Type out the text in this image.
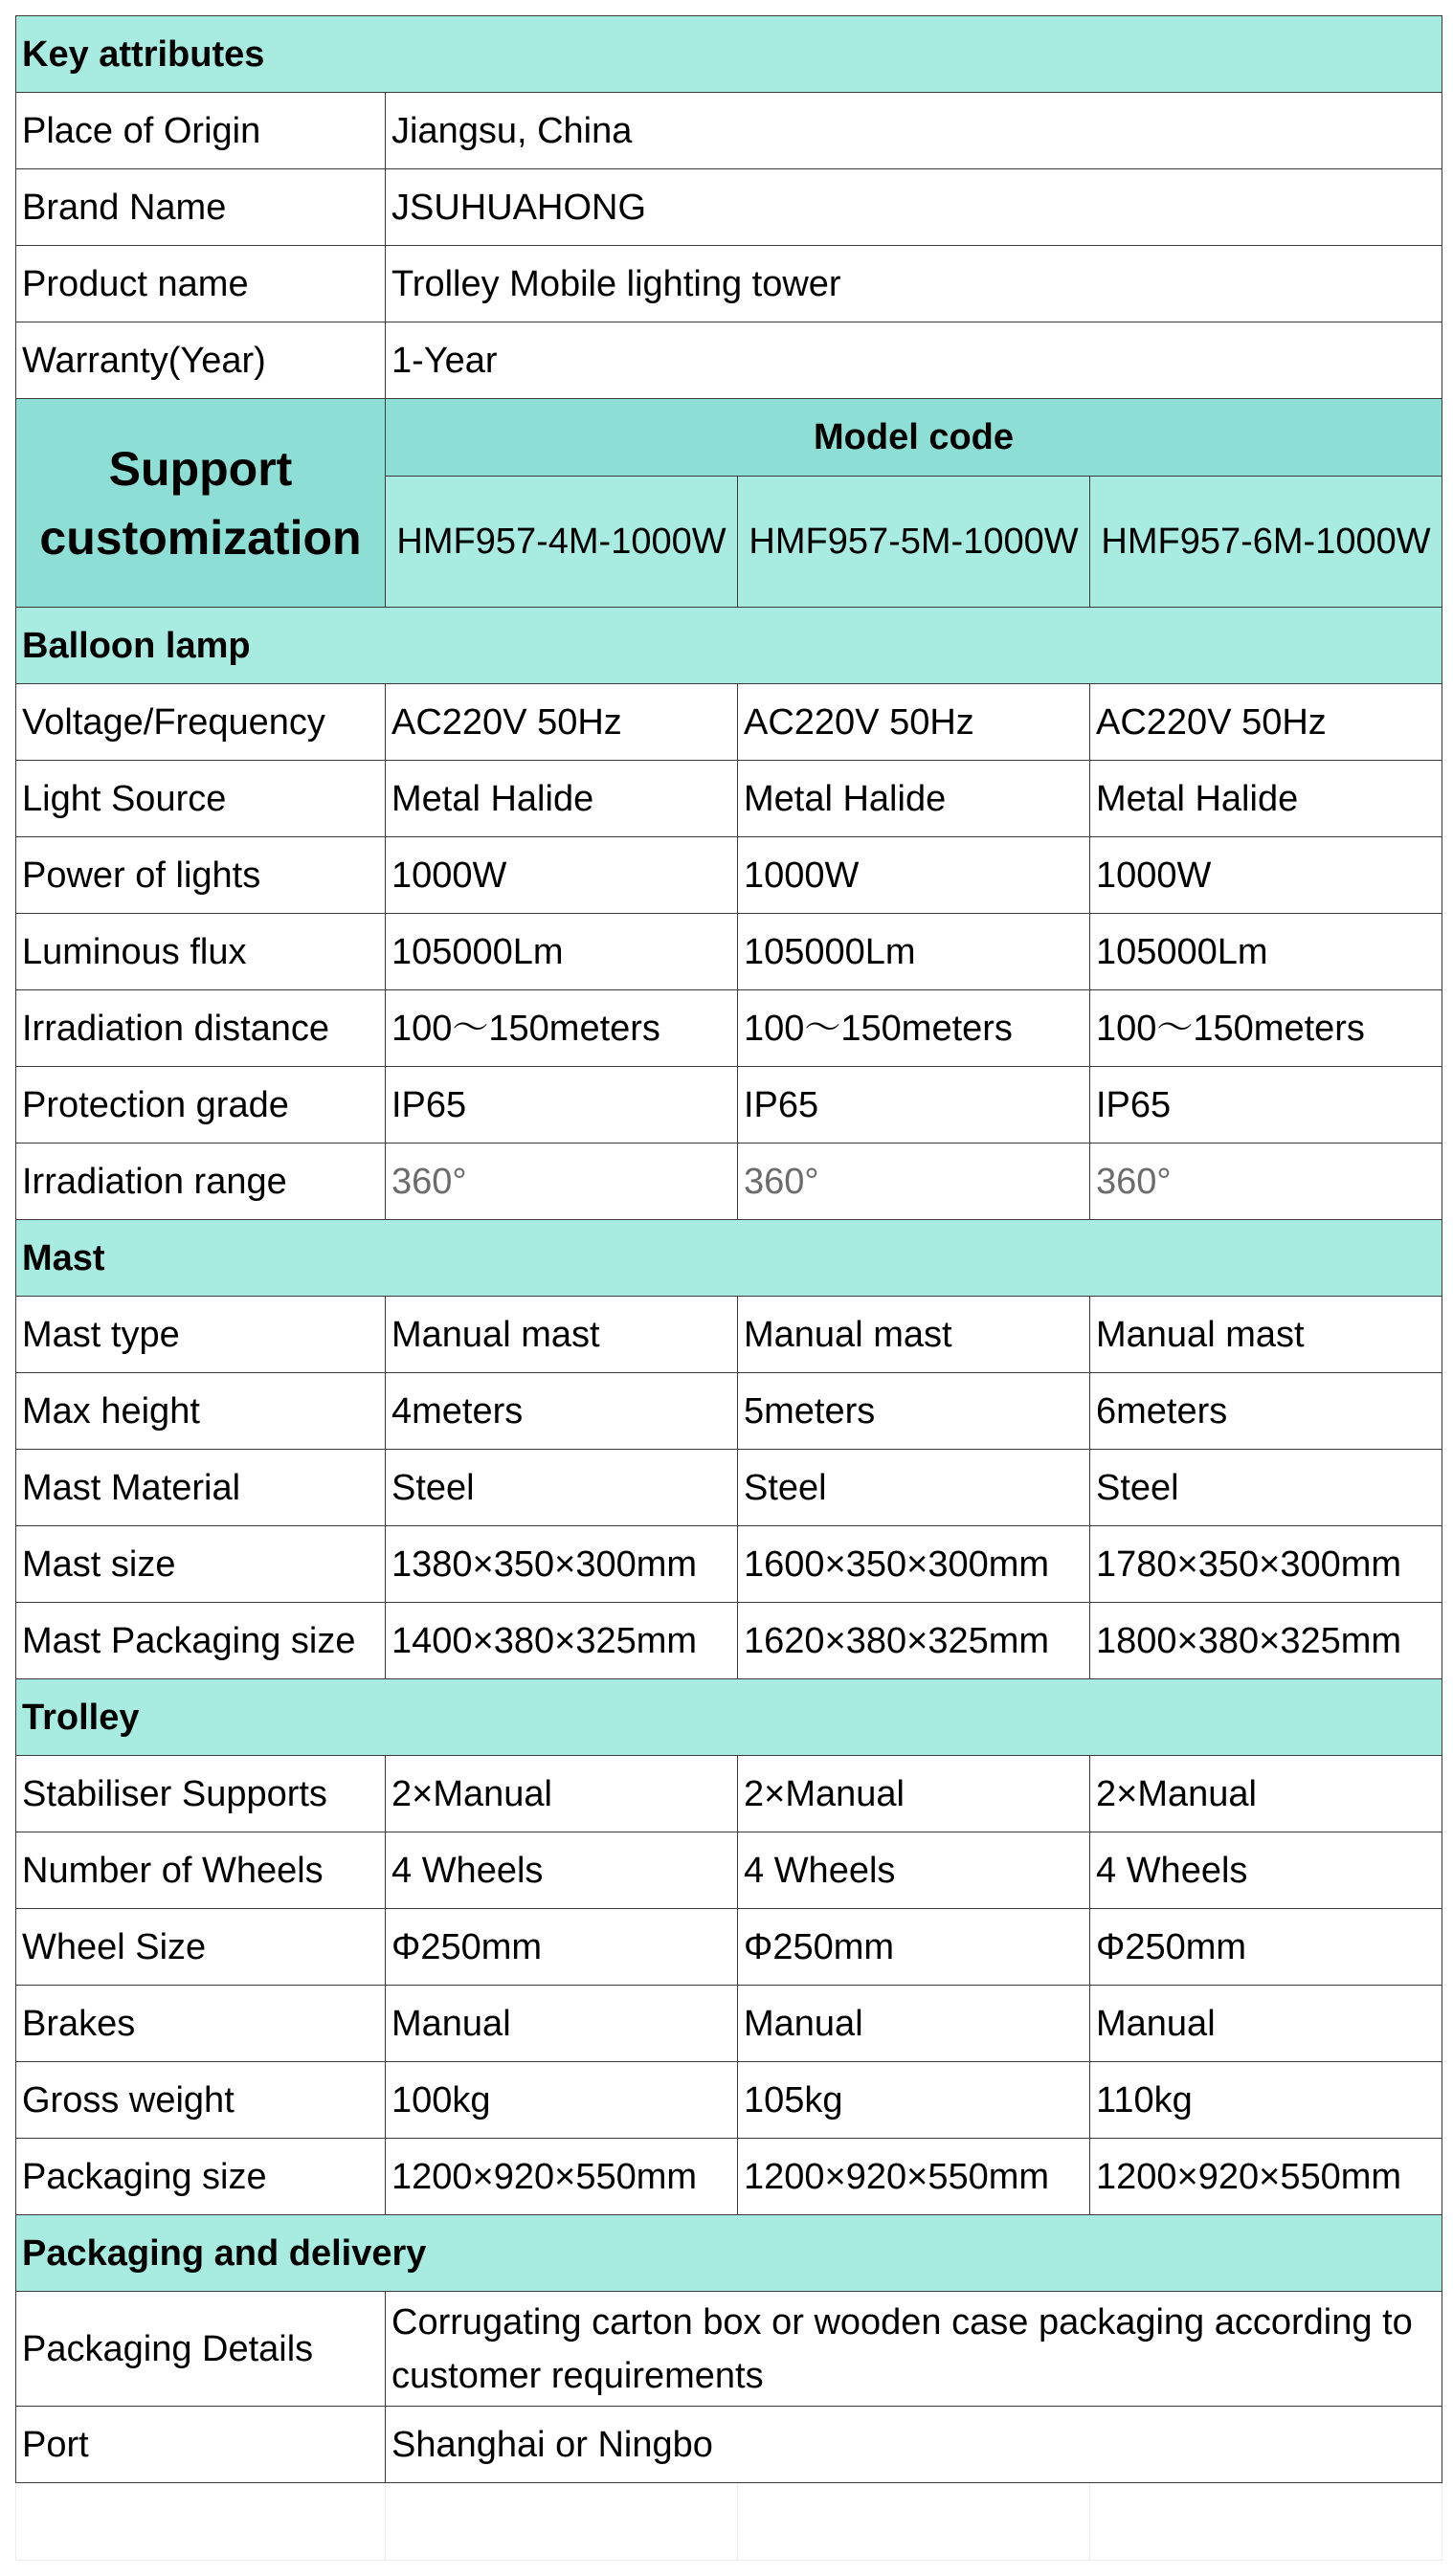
Key attributes			
Place of Origin	Jiangsu, China		
Brand Name	JSUHUAHONG		
Product name	Trolley Mobile lighting tower		
Warranty(Year)	1-Year		
Support customization	Model code		
	HMF957-4M-1000W	HMF957-5M-1000W	HMF957-6M-1000W
Balloon lamp			
Voltage/Frequency	AC220V 50Hz	AC220V 50Hz	AC220V 50Hz
Light Source	Metal Halide	Metal Halide	Metal Halide
Power of lights	1000W	1000W	1000W
Luminous flux	105000Lm	105000Lm	105000Lm
Irradiation distance	100～150meters	100～150meters	100～150meters
Protection grade	IP65	IP65	IP65
Irradiation range	360°	360°	360°
Mast			
Mast type	Manual mast	Manual mast	Manual mast
Max height	4meters	5meters	6meters
Mast Material	Steel	Steel	Steel
Mast size	1380×350×300mm	1600×350×300mm	1780×350×300mm
Mast Packaging size	1400×380×325mm	1620×380×325mm	1800×380×325mm
Trolley			
Stabiliser Supports	2×Manual	2×Manual	2×Manual
Number of Wheels	4 Wheels	4 Wheels	4 Wheels
Wheel Size	Φ250mm	Φ250mm	Φ250mm
Brakes	Manual	Manual	Manual
Gross weight	100kg	105kg	110kg
Packaging size	1200×920×550mm	1200×920×550mm	1200×920×550mm
Packaging and delivery			
Packaging Details	Corrugating carton box or wooden case packaging according to customer requirements		
Port	Shanghai or Ningbo		
